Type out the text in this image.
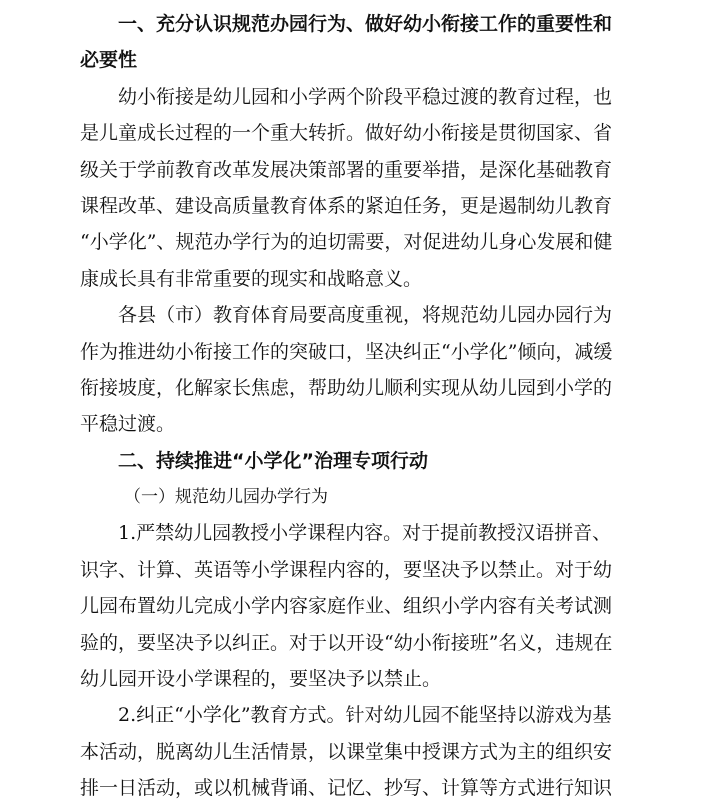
一、充分认识规范办园行为、做好幼小衔接工作的重要性和
必要性
幼小衔接是幼儿园和小学两个阶段平稳过渡的教育过程，也
是儿童成长过程的一个重大转折。做好幼小衔接是贯彻国家、省
级关于学前教育改革发展决策部署的重要举措，是深化基础教育
课程改革、建设高质量教育体系的紧迫任务，更是遏制幼儿教育
“小学化”、规范办学行为的迫切需要，对促进幼儿身心发展和健
康成长具有非常重要的现实和战略意义。
各县（市）教育体育局要高度重视，将规范幼儿园办园行为
作为推进幼小衔接工作的突破口，坚决纠正“小学化”倾向，减缓
衔接坡度，化解家长焦虑，帮助幼儿顺利实现从幼儿园到小学的
平稳过渡。
二、持续推进“小学化”治理专项行动
（一）规范幼儿园办学行为
1.严禁幼儿园教授小学课程内容。对于提前教授汉语拼音、
识字、计算、英语等小学课程内容的，要坚决予以禁止。对于幼
儿园布置幼儿完成小学内容家庭作业、组织小学内容有关考试测
验的，要坚决予以纠正。对于以开设“幼小衔接班”名义，违规在
幼儿园开设小学课程的，要坚决予以禁止。
2.纠正“小学化”教育方式。针对幼儿园不能坚持以游戏为基
本活动，脱离幼儿生活情景，以课堂集中授课方式为主的组织安
排一日活动，或以机械背诵、记忆、抄写、计算等方式进行知识
